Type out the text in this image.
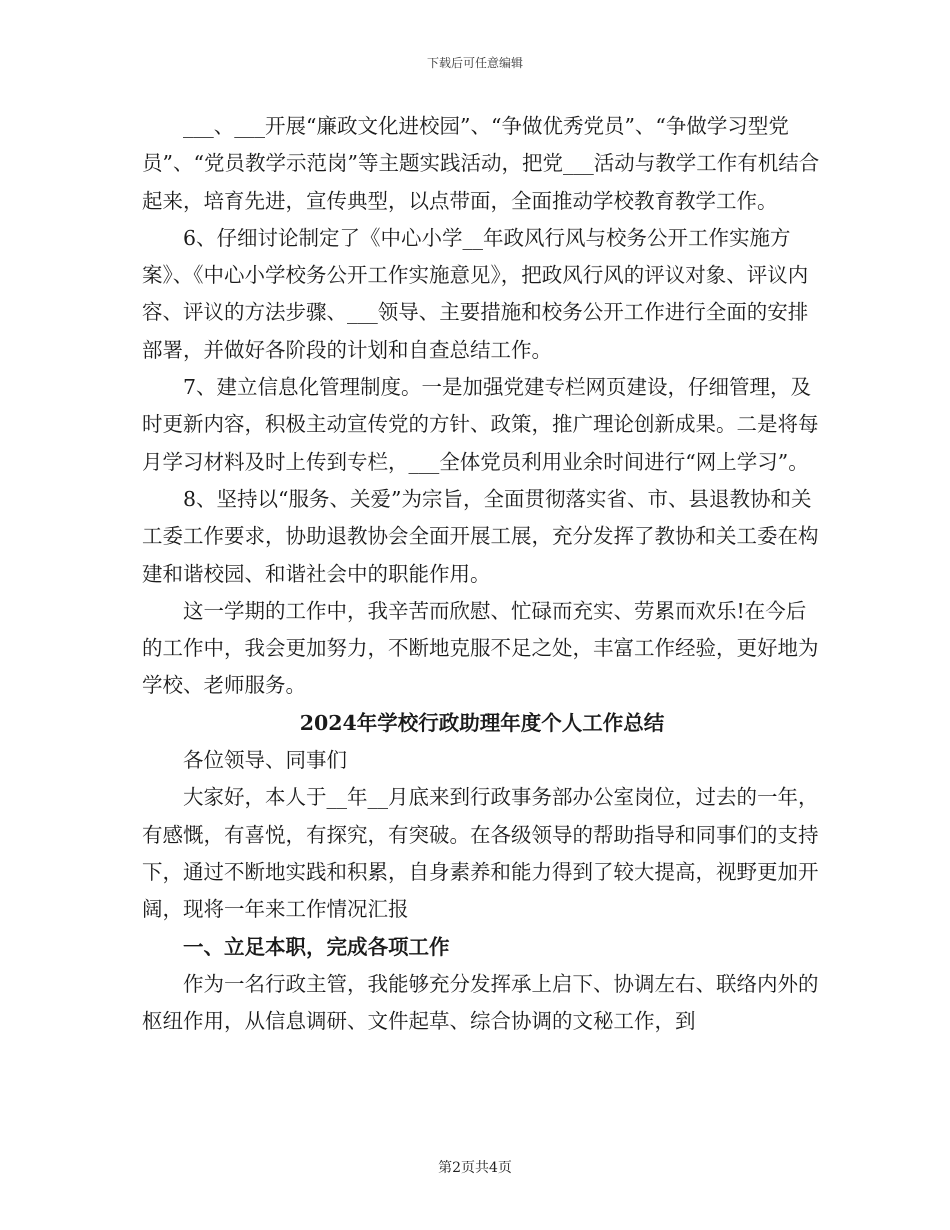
下载后可任意编辑

___、___开展“廉政文化进校园”、“争做优秀党员”、“争做学习型党员”、“党员教学示范岗”等主题实践活动，把党___活动与教学工作有机结合起来，培育先进，宣传典型，以点带面，全面推动学校教育教学工作。

6、仔细讨论制定了《中心小学__年政风行风与校务公开工作实施方案》、《中心小学校务公开工作实施意见》，把政风行风的评议对象、评议内容、评议的方法步骤、___领导、主要措施和校务公开工作进行全面的安排部署，并做好各阶段的计划和自查总结工作。

7、建立信息化管理制度。一是加强党建专栏网页建设，仔细管理，及时更新内容，积极主动宣传党的方针、政策，推广理论创新成果。二是将每月学习材料及时上传到专栏，___全体党员利用业余时间进行“网上学习”。

8、坚持以“服务、关爱”为宗旨，全面贯彻落实省、市、县退教协和关工委工作要求，协助退教协会全面开展工展，充分发挥了教协和关工委在构建和谐校园、和谐社会中的职能作用。

这一学期的工作中，我辛苦而欣慰、忙碌而充实、劳累而欢乐!在今后的工作中，我会更加努力，不断地克服不足之处，丰富工作经验，更好地为学校、老师服务。

2024年学校行政助理年度个人工作总结

各位领导、同事们

大家好，本人于__年__月底来到行政事务部办公室岗位，过去的一年，有感慨，有喜悦，有探究，有突破。在各级领导的帮助指导和同事们的支持下，通过不断地实践和积累，自身素养和能力得到了较大提高，视野更加开阔，现将一年来工作情况汇报

一、立足本职，完成各项工作

作为一名行政主管，我能够充分发挥承上启下、协调左右、联络内外的枢纽作用，从信息调研、文件起草、综合协调的文秘工作，到

第2页共4页
